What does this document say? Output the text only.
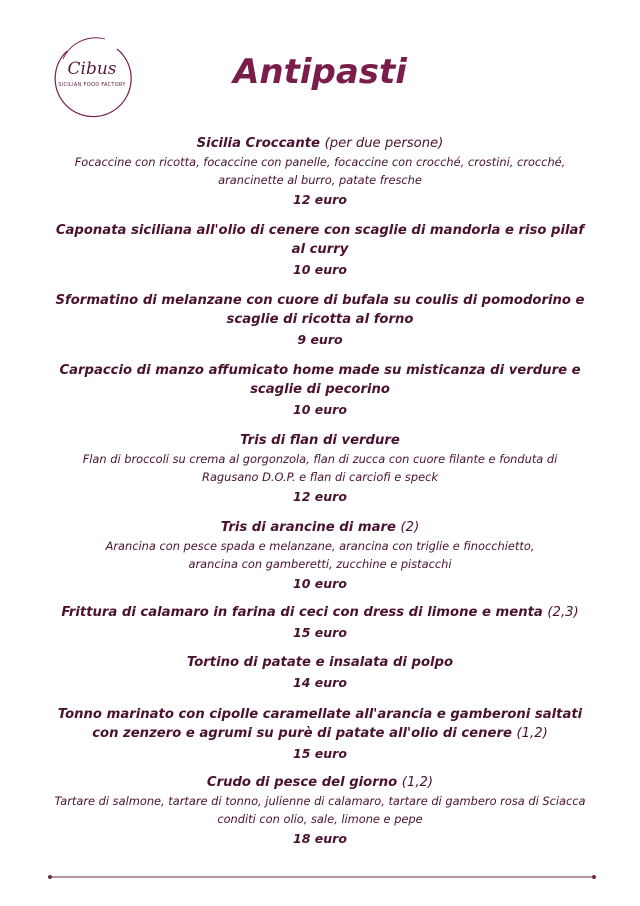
Cibus
SICILIAN FOOD FACTORY	Antipasti
Sicilia Croccante (per due persone)
Focaccine con ricotta, focaccine con panelle, focaccine con crocché, crostini, crocché,
arancinette al burro, patate fresche
12 euro
Caponata siciliana all'olio di cenere con scaglie di mandorla e riso pilaf
al curry
10 euro
Sformatino di melanzane con cuore di bufala su coulis di pomodorino e
scaglie di ricotta al forno
9 euro
Carpaccio di manzo affumicato home made su misticanza di verdure e
scaglie di pecorino
10 euro
Tris di flan di verdure
Flan di broccoli su crema al gorgonzola, flan di zucca con cuore filante e fonduta di
Ragusano D.O.P. e flan di carciofi e speck
12 euro
Tris di arancine di mare (2)
Arancina con pesce spada e melanzane, arancina con triglie e finocchietto,
arancina con gamberetti, zucchine e pistacchi
10 euro
Frittura di calamaro in farina di ceci con dress di limone e menta (2,3)
15 euro
Tortino di patate e insalata di polpo
14 euro
Tonno marinato con cipolle caramellate all'arancia e gamberoni saltati
con zenzero e agrumi su purè di patate all'olio di cenere (1,2)
15 euro
Crudo di pesce del giorno (1,2)
Tartare di salmone, tartare di tonno, julienne di calamaro, tartare di gambero rosa di Sciacca
conditi con olio, sale, limone e pepe
18 euro
